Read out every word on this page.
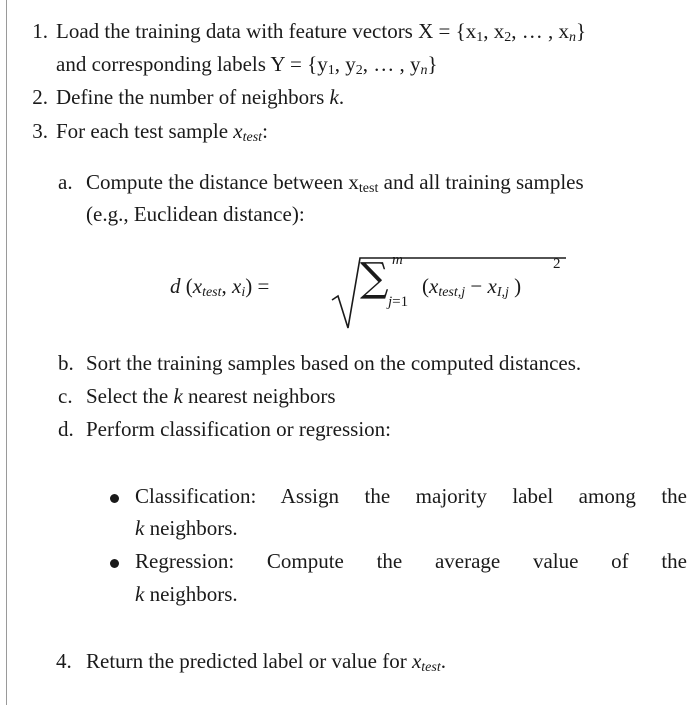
1. Load the training data with feature vectors $X = \{x_1$, $x_2$, … , $x_n$}
and corresponding labels $Y = \{y_1$, $y_2$, … , $y_n$}
2. Define the number of neighbors k.
3. For each test sample $x_{test}$:
a. Compute the distance between $x_{test}$ and all training samples
(e.g., Euclidean distance):
d ($x_{test}$, $x_i$) = ∑ m
j=1
($x_{test,j} - x_{I,j}$ )
2
b. Sort the training samples based on the computed distances.
c. Select the k nearest neighbors
d. Perform classification or regression:
Classification: Assign the majority label among the
k neighbors.
Regression: Compute the average value of the
k neighbors.
4. Return the predicted label or value for $x_{test}$.
